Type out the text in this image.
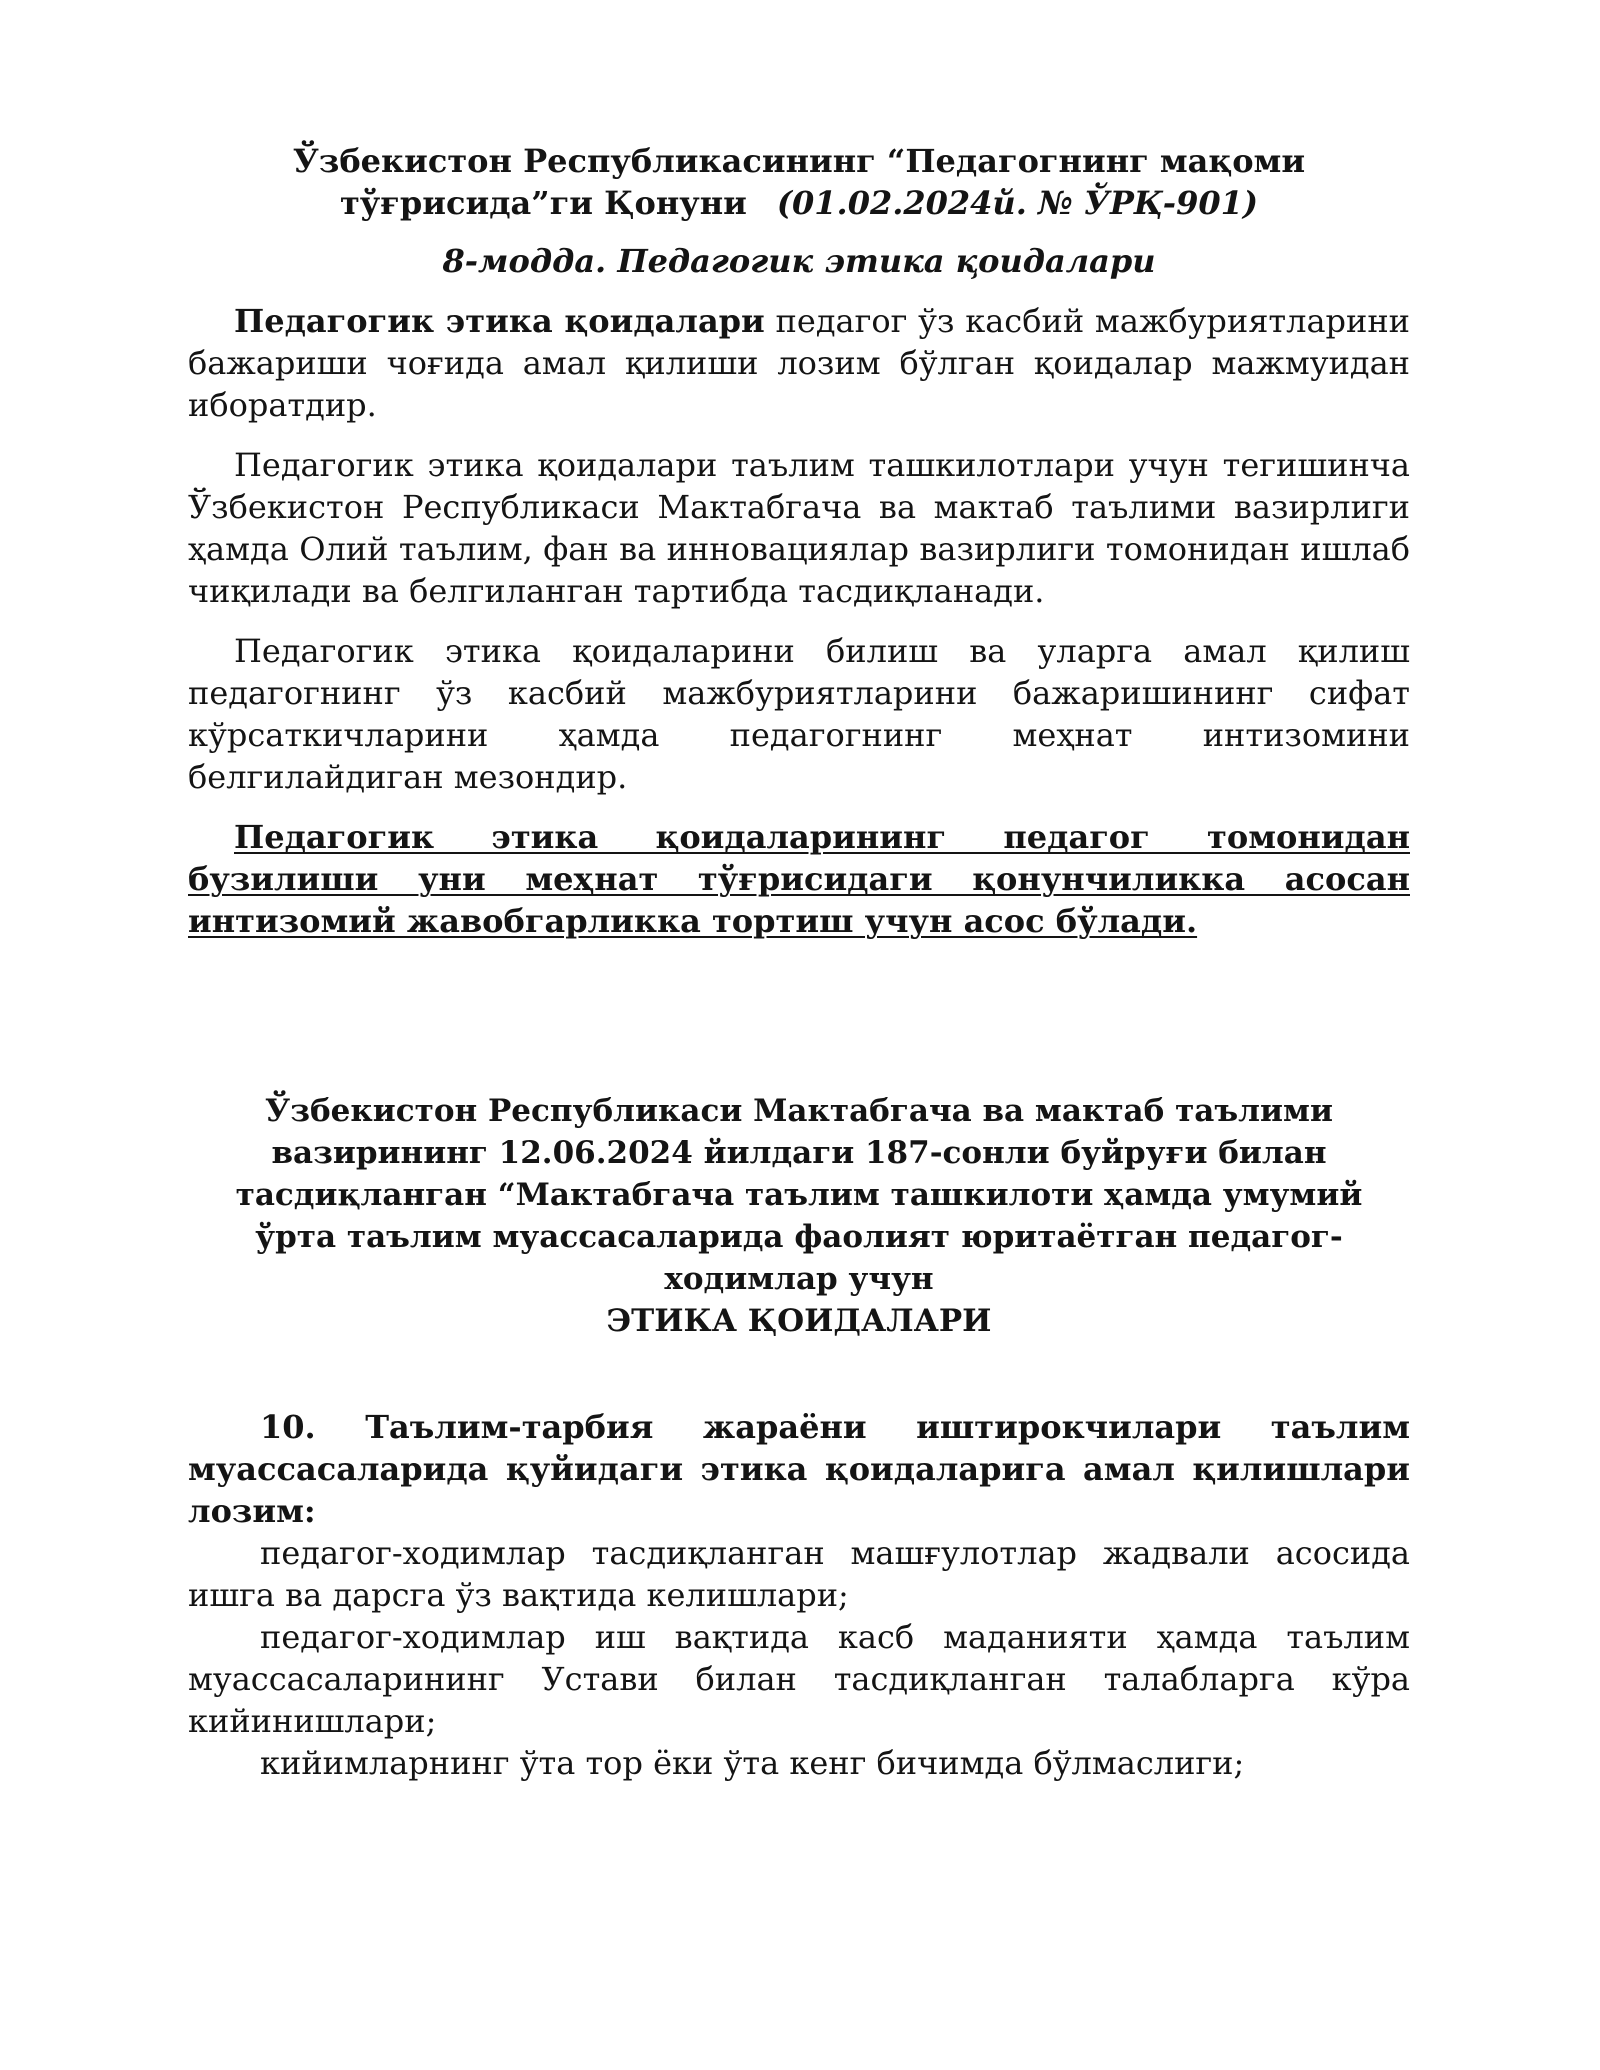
Ўзбекистон Республикасининг “Педагогнинг мақоми
тўғрисида”ги Қонуни (01.02.2024й. № ЎРҚ-901)
8-модда. Педагогик этика қоидалари

Педагогик этика қоидалари педагог ўз касбий мажбуриятларини бажариши чоғида амал қилиши лозим бўлган қоидалар мажмуидан иборатдир.

Педагогик этика қоидалари таълим ташкилотлари учун тегишинча Ўзбекистон Республикаси Мактабгача ва мактаб таълими вазирлиги ҳамда Олий таълим, фан ва инновациялар вазирлиги томонидан ишлаб чиқилади ва белгиланган тартибда тасдиқланади.

Педагогик этика қоидаларини билиш ва уларга амал қилиш педагогнинг ўз касбий мажбуриятларини бажаришининг сифат кўрсаткичларини ҳамда педагогнинг меҳнат интизомини белгилайдиган мезондир.

Педагогик этика қоидаларининг педагог томонидан бузилиши уни меҳнат тўғрисидаги қонунчиликка асосан интизомий жавобгарликка тортиш учун асос бўлади.

Ўзбекистон Республикаси Мактабгача ва мактаб таълими
вазирининг 12.06.2024 йилдаги 187-сонли буйруғи билан
тасдиқланган “Мактабгача таълим ташкилоти ҳамда умумий
ўрта таълим муассасаларида фаолият юритаётган педагог-
ходимлар учун
ЭТИКА ҚОИДАЛАРИ
10. Таълим-тарбия жараёни иштирокчилари таълим муассасаларида қуйидаги этика қоидаларига амал қилишлари лозим:

педагог-ходимлар тасдиқланган машғулотлар жадвали асосида ишга ва дарсга ўз вақтида келишлари;

педагог-ходимлар иш вақтида касб маданияти ҳамда таълим муассасаларининг Устави билан тасдиқланган талабларга кўра кийинишлари;

кийимларнинг ўта тор ёки ўта кенг бичимда бўлмаслиги;
